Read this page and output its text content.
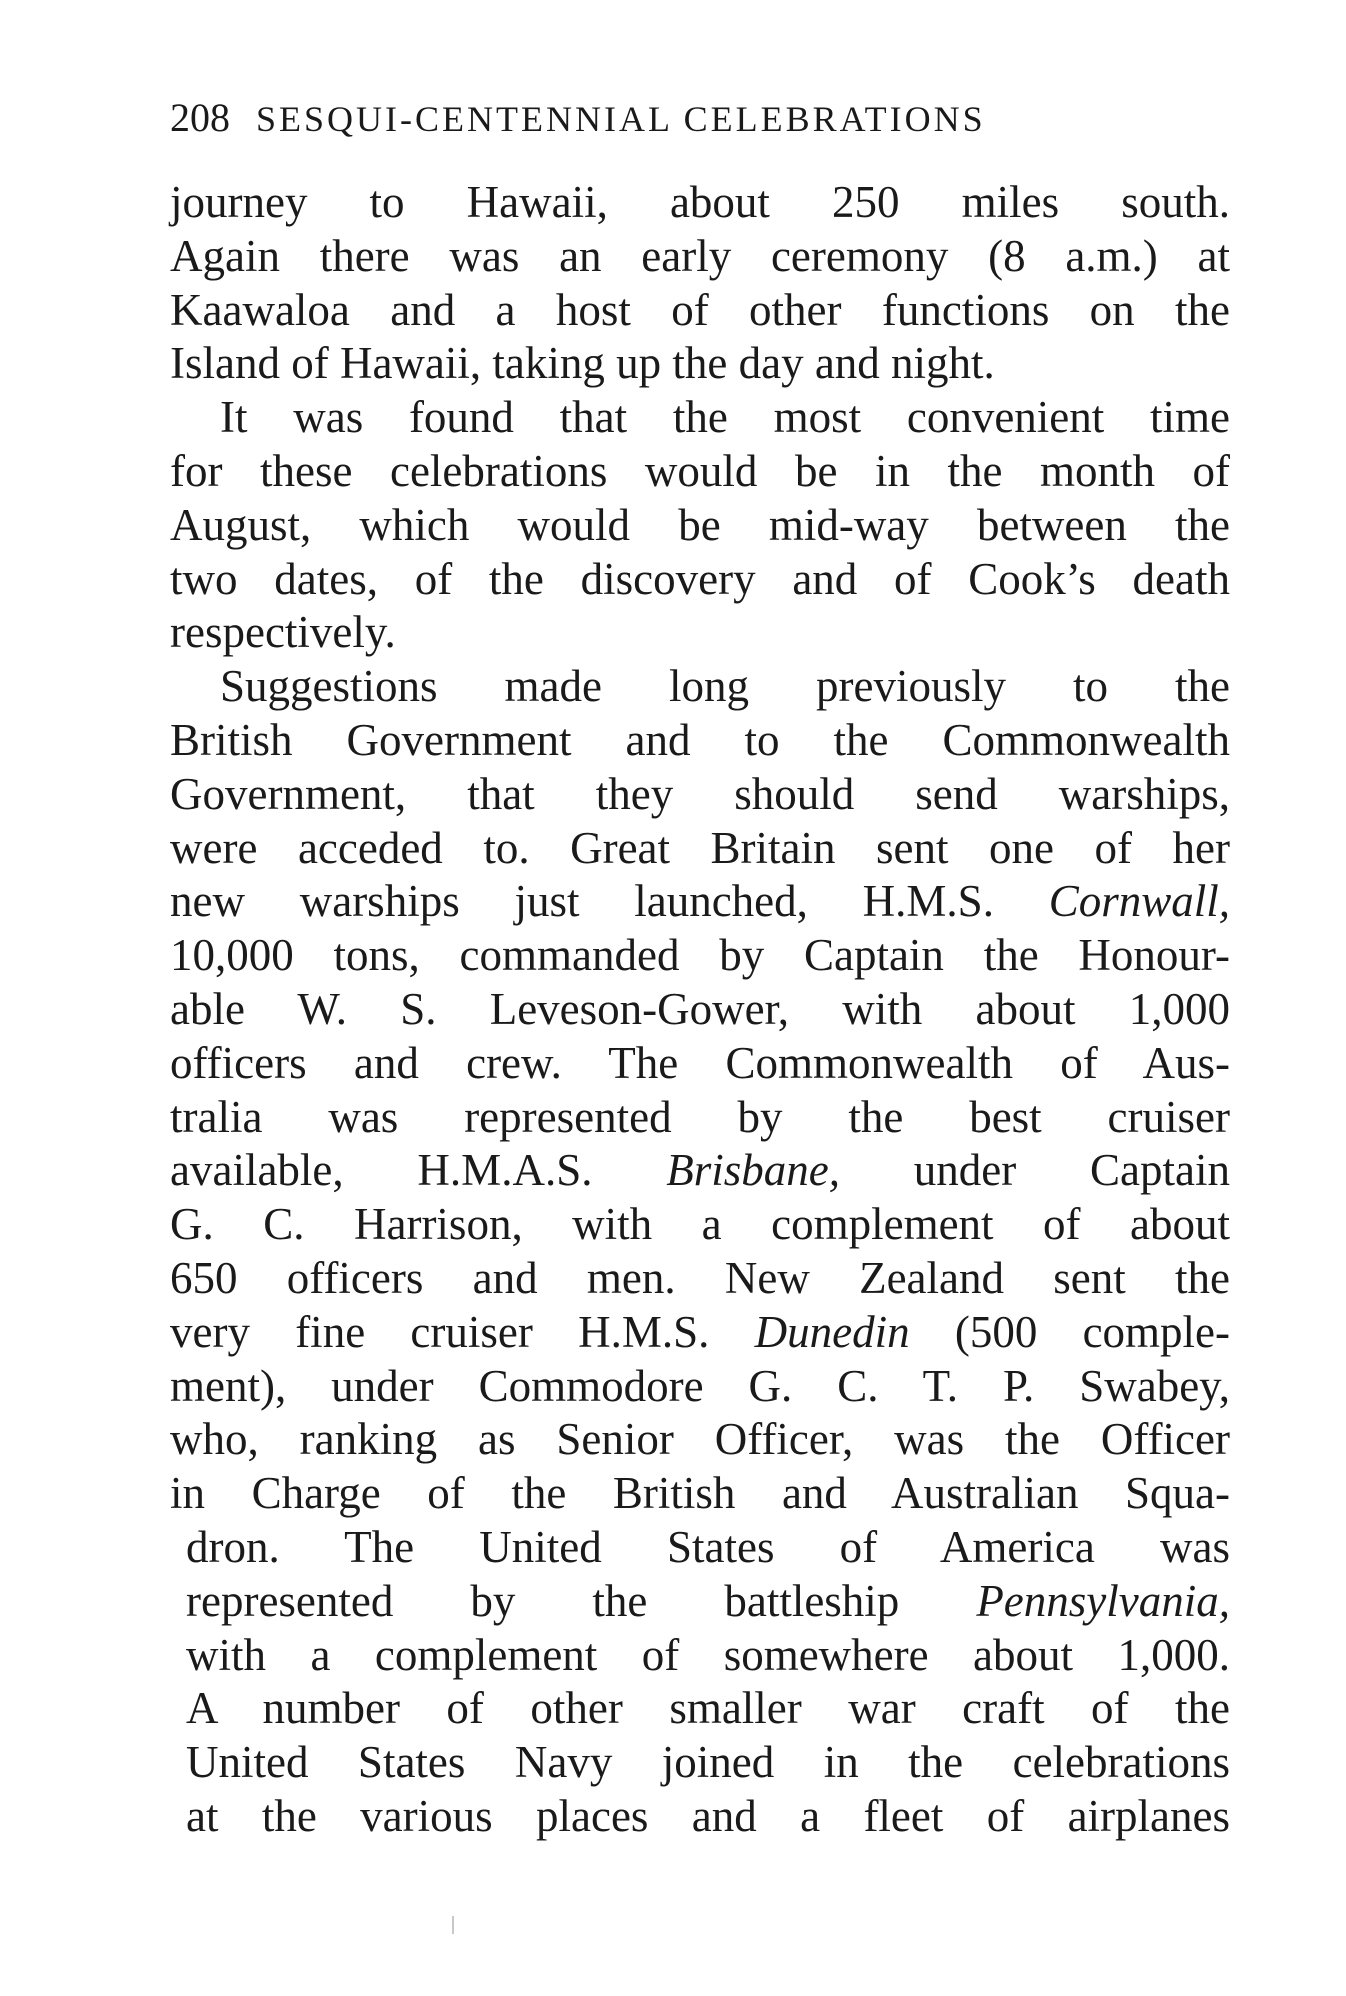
208 SESQUI-CENTENNIAL CELEBRATIONS
journey to Hawaii, about 250 miles south.
Again there was an early ceremony (8 a.m.) at
Kaawaloa and a host of other functions on the
Island of Hawaii, taking up the day and night.
It was found that the most convenient time
for these celebrations would be in the month of
August, which would be mid-way between the
two dates, of the discovery and of Cook’s death
respectively.
Suggestions made long previously to the
British Government and to the Commonwealth
Government, that they should send warships,
were acceded to. Great Britain sent one of her
new warships just launched, H.M.S. Cornwall,
10,000 tons, commanded by Captain the Honour-
able W. S. Leveson-Gower, with about 1,000
officers and crew. The Commonwealth of Aus-
tralia was represented by the best cruiser
available, H.M.A.S. Brisbane, under Captain
G. C. Harrison, with a complement of about
650 officers and men. New Zealand sent the
very fine cruiser H.M.S. Dunedin (500 comple-
ment), under Commodore G. C. T. P. Swabey,
who, ranking as Senior Officer, was the Officer
in Charge of the British and Australian Squa-
dron. The United States of America was
represented by the battleship Pennsylvania,
with a complement of somewhere about 1,000.
A number of other smaller war craft of the
United States Navy joined in the celebrations
at the various places and a fleet of airplanes
